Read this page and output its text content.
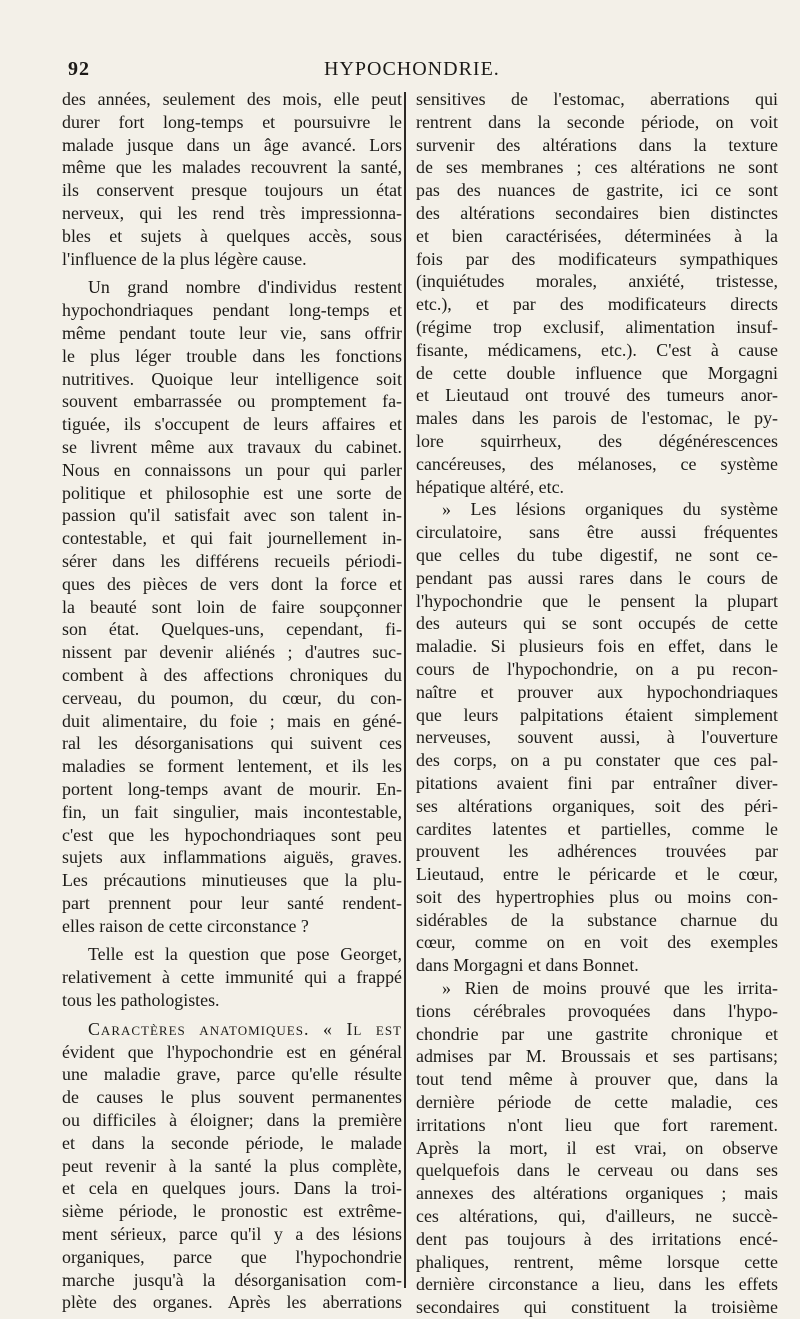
92	HYPOCHONDRIE.
des années, seulement des mois, elle peut
durer fort long-temps et poursuivre le
malade jusque dans un âge avancé. Lors
même que les malades recouvrent la santé,
ils conservent presque toujours un état
nerveux, qui les rend très impressionna-
bles et sujets à quelques accès, sous
l'influence de la plus légère cause.
Un grand nombre d'individus restent
hypochondriaques pendant long-temps et
même pendant toute leur vie, sans offrir
le plus léger trouble dans les fonctions
nutritives. Quoique leur intelligence soit
souvent embarrassée ou promptement fa-
tiguée, ils s'occupent de leurs affaires et
se livrent même aux travaux du cabinet.
Nous en connaissons un pour qui parler
politique et philosophie est une sorte de
passion qu'il satisfait avec son talent in-
contestable, et qui fait journellement in-
sérer dans les différens recueils périodi-
ques des pièces de vers dont la force et
la beauté sont loin de faire soupçonner
son état. Quelques-uns, cependant, fi-
nissent par devenir aliénés ; d'autres suc-
combent à des affections chroniques du
cerveau, du poumon, du cœur, du con-
duit alimentaire, du foie ; mais en géné-
ral les désorganisations qui suivent ces
maladies se forment lentement, et ils les
portent long-temps avant de mourir. En-
fin, un fait singulier, mais incontestable,
c'est que les hypochondriaques sont peu
sujets aux inflammations aiguës, graves.
Les précautions minutieuses que la plu-
part prennent pour leur santé rendent-
elles raison de cette circonstance ?
Telle est la question que pose Georget,
relativement à cette immunité qui a frappé
tous les pathologistes.
Caractères anatomiques. « Il est
évident que l'hypochondrie est en général
une maladie grave, parce qu'elle résulte
de causes le plus souvent permanentes
ou difficiles à éloigner; dans la première
et dans la seconde période, le malade
peut revenir à la santé la plus complète,
et cela en quelques jours. Dans la troi-
sième période, le pronostic est extrême-
ment sérieux, parce qu'il y a des lésions
organiques, parce que l'hypochondrie
marche jusqu'à la désorganisation com-
plète des organes. Après les aberrations
sensitives de l'estomac, aberrations qui
rentrent dans la seconde période, on voit
survenir des altérations dans la texture
de ses membranes ; ces altérations ne sont
pas des nuances de gastrite, ici ce sont
des altérations secondaires bien distinctes
et bien caractérisées, déterminées à la
fois par des modificateurs sympathiques
(inquiétudes morales, anxiété, tristesse,
etc.), et par des modificateurs directs
(régime trop exclusif, alimentation insuf-
fisante, médicamens, etc.). C'est à cause
de cette double influence que Morgagni
et Lieutaud ont trouvé des tumeurs anor-
males dans les parois de l'estomac, le py-
lore squirrheux, des dégénérescences
cancéreuses, des mélanoses, ce système
hépatique altéré, etc.
» Les lésions organiques du système
circulatoire, sans être aussi fréquentes
que celles du tube digestif, ne sont ce-
pendant pas aussi rares dans le cours de
l'hypochondrie que le pensent la plupart
des auteurs qui se sont occupés de cette
maladie. Si plusieurs fois en effet, dans le
cours de l'hypochondrie, on a pu recon-
naître et prouver aux hypochondriaques
que leurs palpitations étaient simplement
nerveuses, souvent aussi, à l'ouverture
des corps, on a pu constater que ces pal-
pitations avaient fini par entraîner diver-
ses altérations organiques, soit des péri-
cardites latentes et partielles, comme le
prouvent les adhérences trouvées par
Lieutaud, entre le péricarde et le cœur,
soit des hypertrophies plus ou moins con-
sidérables de la substance charnue du
cœur, comme on en voit des exemples
dans Morgagni et dans Bonnet.
» Rien de moins prouvé que les irrita-
tions cérébrales provoquées dans l'hypo-
chondrie par une gastrite chronique et
admises par M. Broussais et ses partisans;
tout tend même à prouver que, dans la
dernière période de cette maladie, ces
irritations n'ont lieu que fort rarement.
Après la mort, il est vrai, on observe
quelquefois dans le cerveau ou dans ses
annexes des altérations organiques ; mais
ces altérations, qui, d'ailleurs, ne succè-
dent pas toujours à des irritations encé-
phaliques, rentrent, même lorsque cette
dernière circonstance a lieu, dans les effets
secondaires qui constituent la troisième
